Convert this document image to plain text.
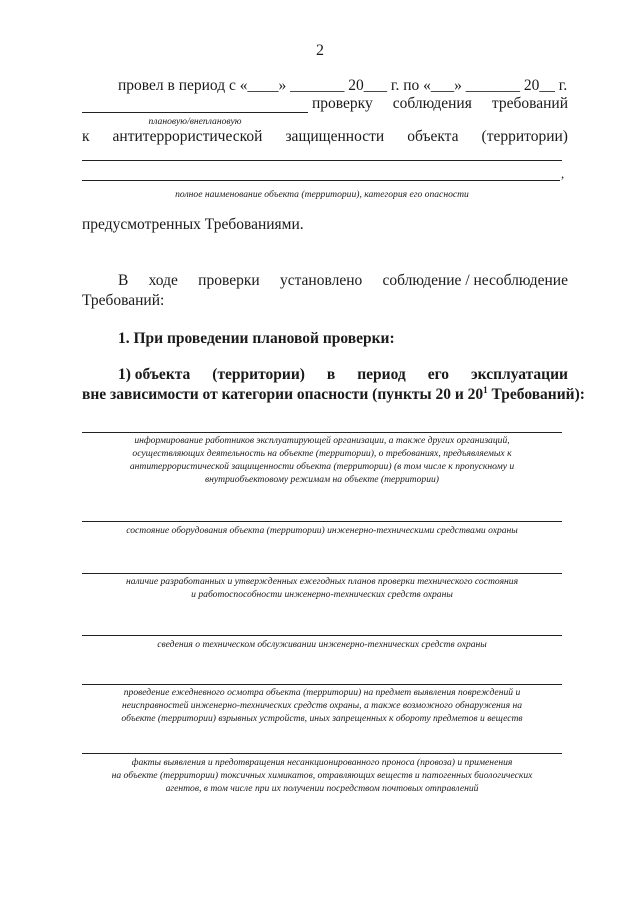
2
провел в период с «____» _______ 20___ г. по «___» _______ 20__ г.
проверку соблюдения требований
плановую/внеплановую
к антитеррористической защищенности объекта (территории)
,
полное наименование объекта (территории), категория его опасности
предусмотренных Требованиями.
В ходе проверки установлено соблюдение / несоблюдение
Требований:
1. При проведении плановой проверки:
1) объекта (территории) в период его эксплуатации
вне зависимости от категории опасности (пункты 20 и $20^1$ Требований):
информирование работников эксплуатирующей организации, а также других организаций,
осуществляющих деятельность на объекте (территории), о требованиях, предъявляемых к
антитеррористической защищенности объекта (территории) (в том числе к пропускному и
внутриобъектовому режимам на объекте (территории)
состояние оборудования объекта (территории) инженерно-техническими средствами охраны
наличие разработанных и утвержденных ежегодных планов проверки технического состояния
и работоспособности инженерно-технических средств охраны
сведения о техническом обслуживании инженерно-технических средств охраны
проведение ежедневного осмотра объекта (территории) на предмет выявления повреждений и
неисправностей инженерно-технических средств охраны, а также возможного обнаружения на
объекте (территории) взрывных устройств, иных запрещенных к обороту предметов и веществ
факты выявления и предотвращения несанкционированного проноса (провоза) и применения
на объекте (территории) токсичных химикатов, отравляющих веществ и патогенных биологических
агентов, в том числе при их получении посредством почтовых отправлений
